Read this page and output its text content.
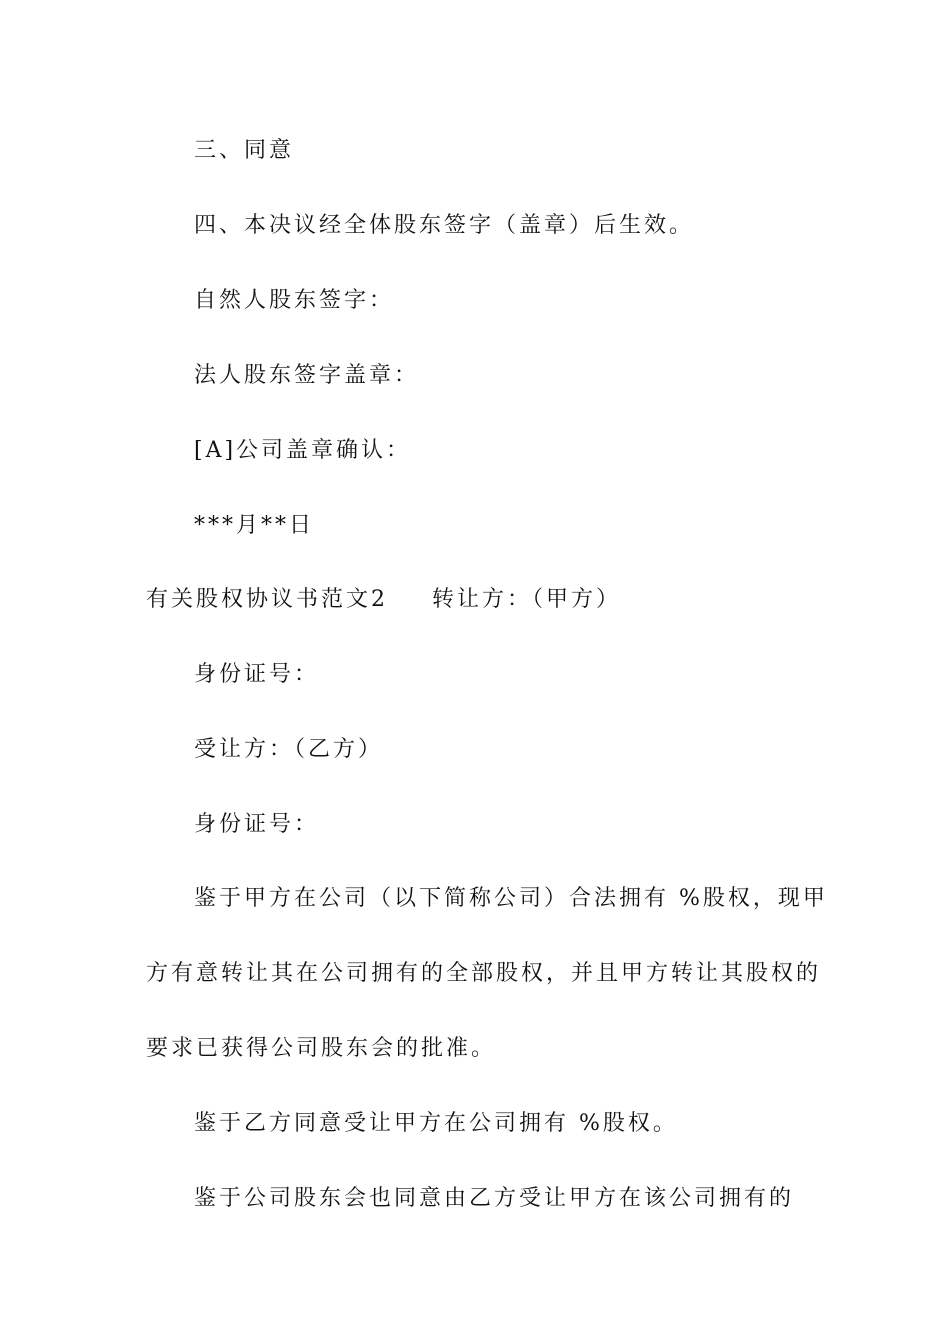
三、同意
四、本决议经全体股东签字（盖章）后生效。
自然人股东签字：
法人股东签字盖章：
[A]公司盖章确认：
***月**日
有关股权协议书范文2 转让方：（甲方）
身份证号：
受让方：（乙方）
身份证号：
鉴于甲方在公司（以下简称公司）合法拥有 %股权，现甲
方有意转让其在公司拥有的全部股权，并且甲方转让其股权的
要求已获得公司股东会的批准。
鉴于乙方同意受让甲方在公司拥有 %股权。
鉴于公司股东会也同意由乙方受让甲方在该公司拥有的
